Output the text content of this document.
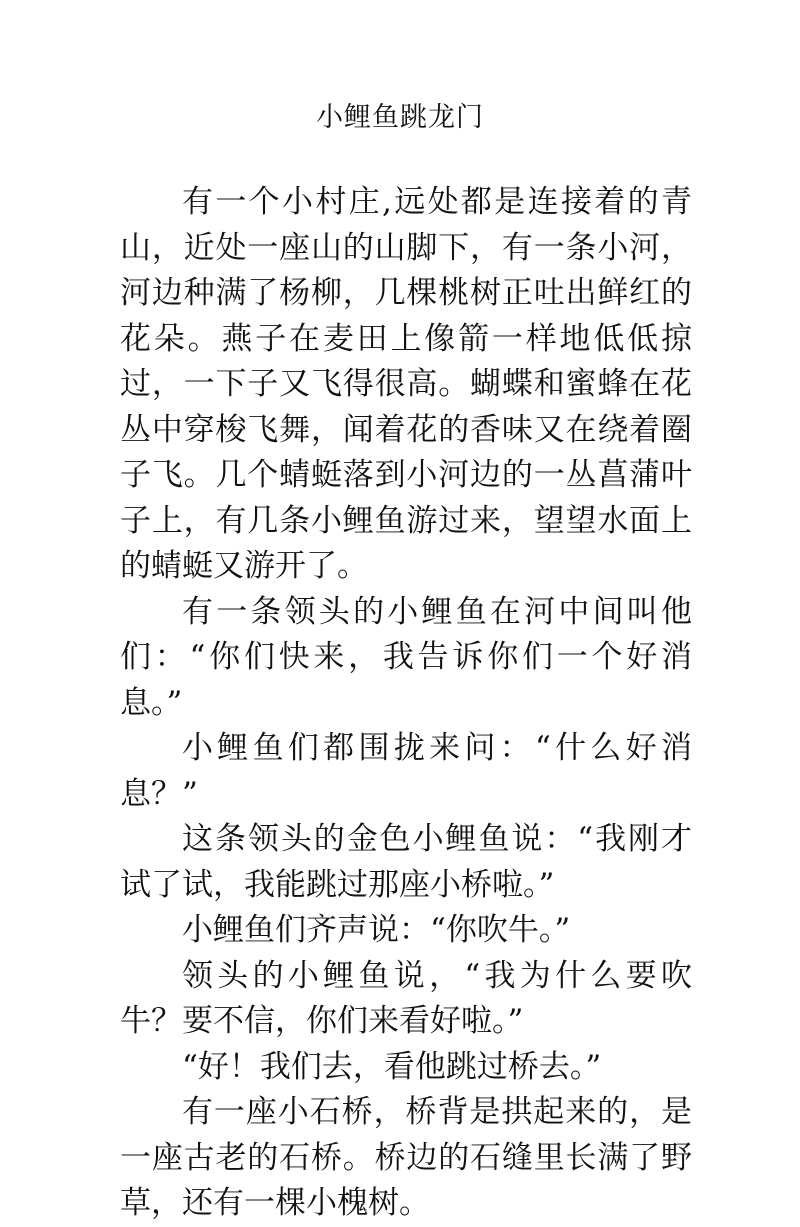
小鲤鱼跳龙门

有一个小村庄,远处都是连接着的青山，近处一座山的山脚下，有一条小河，河边种满了杨柳，几棵桃树正吐出鲜红的花朵。燕子在麦田上像箭一样地低低掠过，一下子又飞得很高。蝴蝶和蜜蜂在花丛中穿梭飞舞，闻着花的香味又在绕着圈子飞。几个蜻蜓落到小河边的一丛菖蒲叶子上，有几条小鲤鱼游过来，望望水面上的蜻蜓又游开了。

有一条领头的小鲤鱼在河中间叫他们：“你们快来，我告诉你们一个好消息。”

小鲤鱼们都围拢来问：“什么好消息？”

这条领头的金色小鲤鱼说：“我刚才试了试，我能跳过那座小桥啦。”

小鲤鱼们齐声说：“你吹牛。”

领头的小鲤鱼说，“我为什么要吹牛？要不信，你们来看好啦。”

“好！我们去，看他跳过桥去。”

有一座小石桥，桥背是拱起来的，是一座古老的石桥。桥边的石缝里长满了野草，还有一棵小槐树。
